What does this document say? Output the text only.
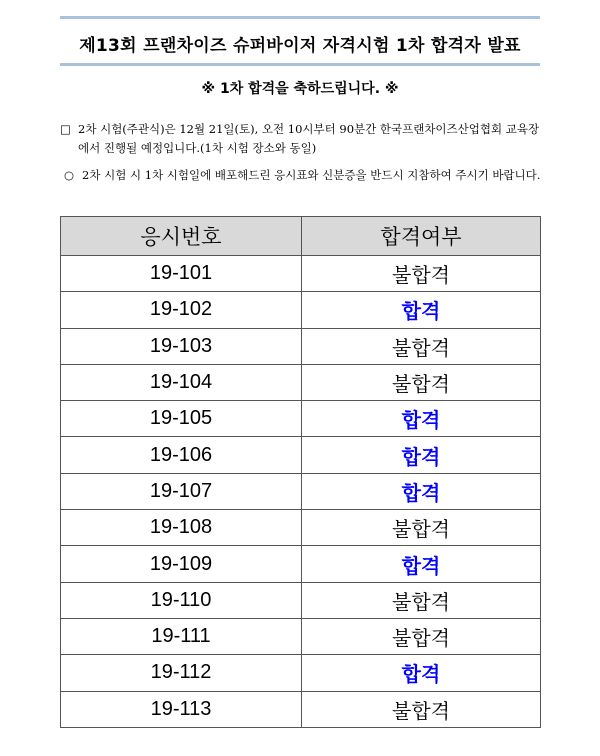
제13회 프랜차이즈 슈퍼바이저 자격시험 1차 합격자 발표
※ 1차 합격을 축하드립니다. ※
□ 2차 시험(주관식)은 12월 21일(토), 오전 10시부터 90분간 한국프랜차이즈산업협회 교육장에서 진행될 예정입니다.(1차 시험 장소와 동일)
○ 2차 시험 시 1차 시험일에 배포해드린 응시표와 신분증을 반드시 지참하여 주시기 바랍니다.
응시번호	합격여부
19-101	불합격
19-102	합격
19-103	불합격
19-104	불합격
19-105	합격
19-106	합격
19-107	합격
19-108	불합격
19-109	합격
19-110	불합격
19-111	불합격
19-112	합격
19-113	불합격
